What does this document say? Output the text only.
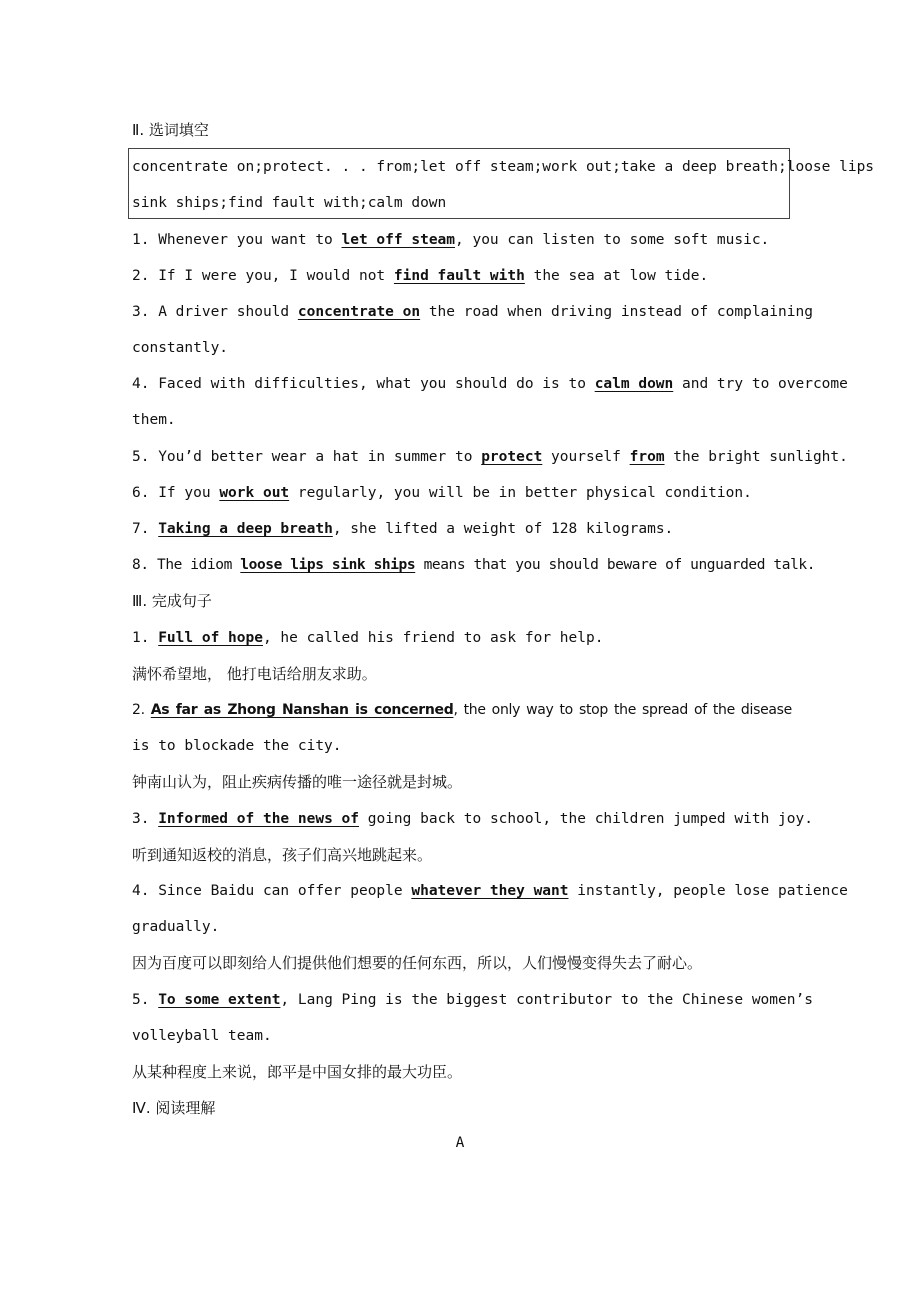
Ⅱ. 选词填空
concentrate on;protect. . . from;let off steam;work out;take a deep breath;loose lips
sink ships;find fault with;calm down
1. Whenever you want to let off steam, you can listen to some soft music.
2. If I were you, I would not find fault with the sea at low tide.
3. A driver should concentrate on the road when driving instead of complaining
constantly.
4. Faced with difficulties, what you should do is to calm down and try to overcome
them.
5. You’d better wear a hat in summer to protect yourself from the bright sunlight.
6. If you work out regularly, you will be in better physical condition.
7. Taking a deep breath, she lifted a weight of 128 kilograms.
8. The idiom loose lips sink ships means that you should beware of unguarded talk.
Ⅲ. 完成句子
1. Full of hope, he called his friend to ask for help.
满怀希望地， 他打电话给朋友求助。
2. As far as Zhong Nanshan is concerned, the only way to stop the spread of the disease
is to blockade the city.
钟南山认为，阻止疾病传播的唯一途径就是封城。
3. Informed of the news of going back to school, the children jumped with joy.
听到通知返校的消息，孩子们高兴地跳起来。
4. Since Baidu can offer people whatever they want instantly, people lose patience
gradually.
因为百度可以即刻给人们提供他们想要的任何东西，所以，人们慢慢变得失去了耐心。
5. To some extent, Lang Ping is the biggest contributor to the Chinese women’s
volleyball team.
从某种程度上来说，郎平是中国女排的最大功臣。
Ⅳ. 阅读理解
A
